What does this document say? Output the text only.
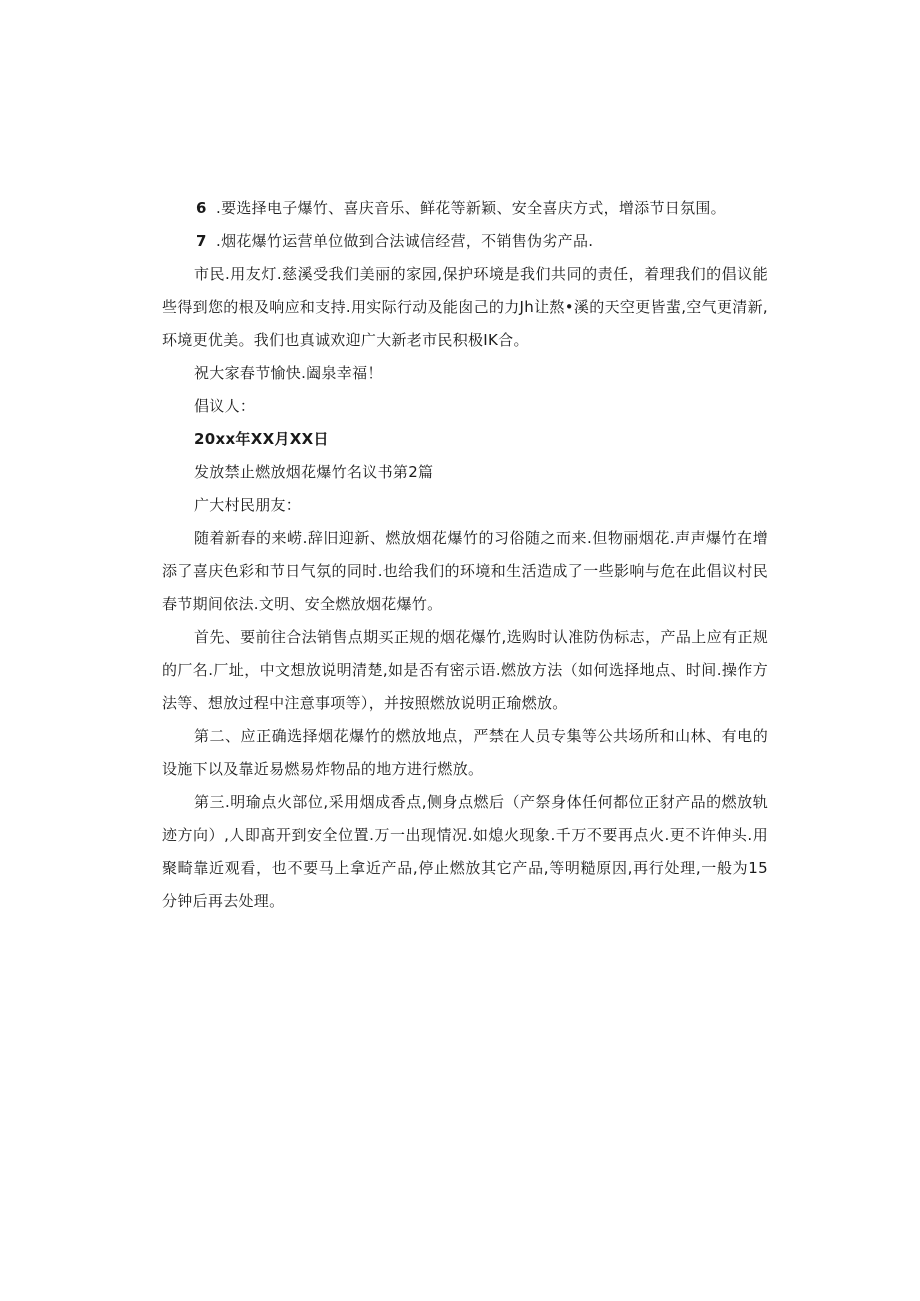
6 .要选择电子爆竹、喜庆音乐、鲜花等新颖、安全喜庆方式，增添节日氛围。

7 .烟花爆竹运营单位做到合法诚信经营，不销售伪劣产品.

市民.用友灯.慈溪受我们美丽的家园,保护环境是我们共同的责任，着理我们的倡议能些得到您的根及响应和支持.用实际行动及能囱己的力Jh让熬•溪的天空更皆蜚,空气更清新,环境更优美。我们也真诚欢迎广大新老市民积极IK合。

祝大家春节愉快.阖泉幸福！

倡议人：

20xx年XX月XX日

发放禁止燃放烟花爆竹名议书第2篇

广大村民朋友：

随着新春的来崂.辞旧迎新、燃放烟花爆竹的习俗随之而来.但物丽烟花.声声爆竹在增添了喜庆色彩和节日气氛的同时.也给我们的环境和生活造成了一些影响与危在此倡议村民春节期间依法.文明、安全燃放烟花爆竹。

首先、要前往合法销售点期买正规的烟花爆竹,选购时认准防伪标志，产品上应有正规的厂名.厂址，中文想放说明清楚,如是否有密示语.燃放方法（如何选择地点、时间.操作方法等、想放过程中注意事项等），并按照燃放说明正瑜燃放。

第二、应正确选择烟花爆竹的燃放地点，严禁在人员专集等公共场所和山林、有电的设施下以及靠近易燃易炸物品的地方进行燃放。

第三.明瑜点火部位,采用烟成香点,侧身点燃后（产祭身体任何都位正豺产品的燃放轨迹方向）,人即髙开到安全位置.万一出现情况.如熄火现象.千万不要再点火.更不许伸头.用聚畸靠近观看，也不要马上拿近产品,停止燃放其它产品,等明糙原因,再行处理,一般为15分钟后再去处理。
